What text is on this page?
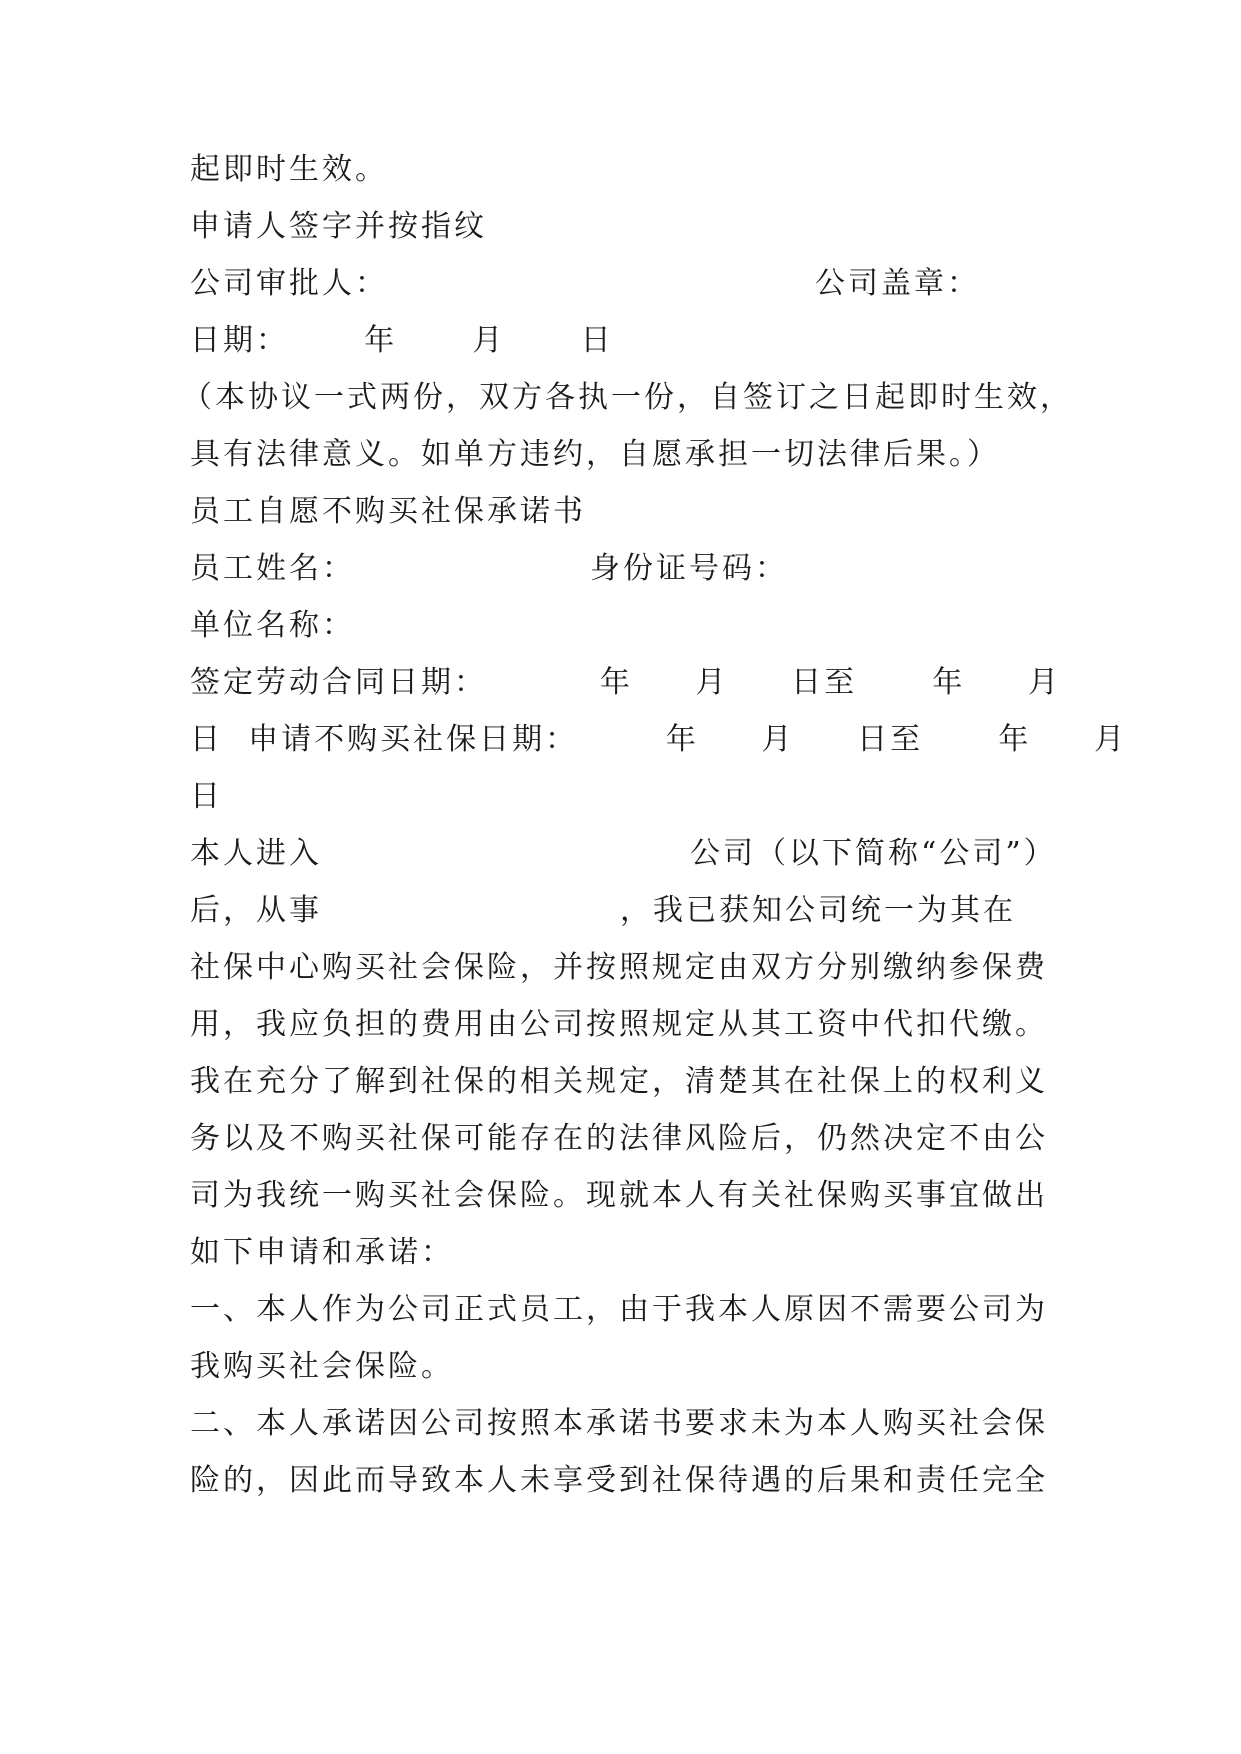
起即时生效。
申请人签字并按指纹

公司审批人：

	公司盖章：

日期：      年      月      日
（本协议一式两份，双方各执一份，自签订之日起即时生效，
具有法律意义。如单方违约，自愿承担一切法律后果。）
员工自愿不购买社保承诺书

员工姓名：

	身份证号码：

单位名称：
签定劳动合同日期：         年     月     日至      年     月
日  申请不购买社保日期：       年     月     日至      年     月
日

本人进入

	公司（以下简称“公司”）

后，从事

	，我已获知公司统一为其在

社保中心购买社会保险，并按照规定由双方分别缴纳参保费
用，我应负担的费用由公司按照规定从其工资中代扣代缴。
我在充分了解到社保的相关规定，清楚其在社保上的权利义
务以及不购买社保可能存在的法律风险后，仍然决定不由公
司为我统一购买社会保险。现就本人有关社保购买事宜做出
如下申请和承诺：
一、本人作为公司正式员工，由于我本人原因不需要公司为
我购买社会保险。
二、本人承诺因公司按照本承诺书要求未为本人购买社会保
险的，因此而导致本人未享受到社保待遇的后果和责任完全
